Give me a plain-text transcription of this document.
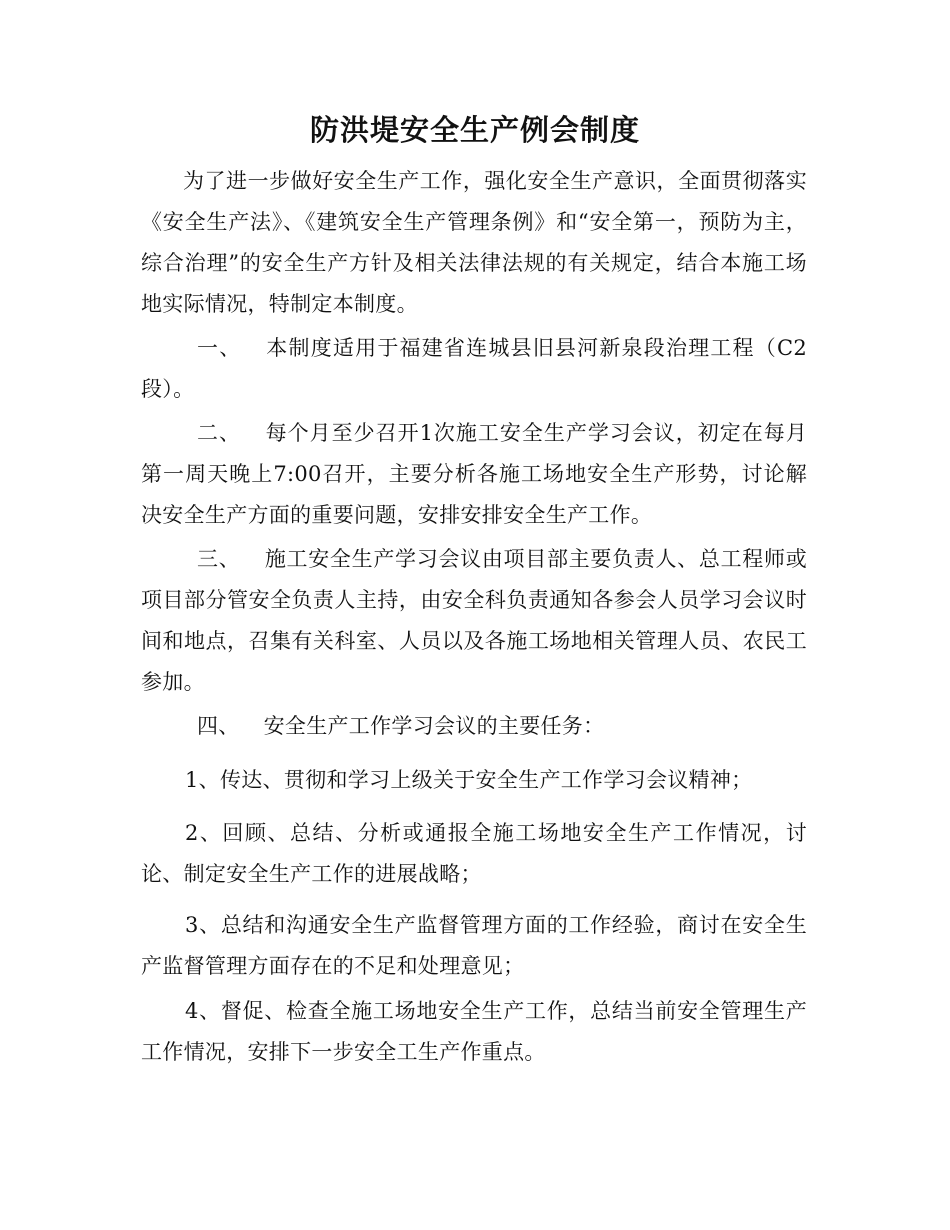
防洪堤安全生产例会制度

为了进一步做好安全生产工作，强化安全生产意识，全面贯彻落实《安全生产法》、《建筑安全生产管理条例》和“安全第一，预防为主，综合治理”的安全生产方针及相关法律法规的有关规定，结合本施工场地实际情况，特制定本制度。

一、 本制度适用于福建省连城县旧县河新泉段治理工程（C2段）。

二、 每个月至少召开1次施工安全生产学习会议，初定在每月第一周天晚上7:00召开，主要分析各施工场地安全生产形势，讨论解决安全生产方面的重要问题，安排安排安全生产工作。

三、 施工安全生产学习会议由项目部主要负责人、总工程师或项目部分管安全负责人主持，由安全科负责通知各参会人员学习会议时间和地点，召集有关科室、人员以及各施工场地相关管理人员、农民工参加。

四、 安全生产工作学习会议的主要任务：

1、传达、贯彻和学习上级关于安全生产工作学习会议精神；

2、回顾、总结、分析或通报全施工场地安全生产工作情况，讨论、制定安全生产工作的进展战略；

3、总结和沟通安全生产监督管理方面的工作经验，商讨在安全生产监督管理方面存在的不足和处理意见；

4、督促、检查全施工场地安全生产工作，总结当前安全管理生产工作情况，安排下一步安全工生产作重点。
